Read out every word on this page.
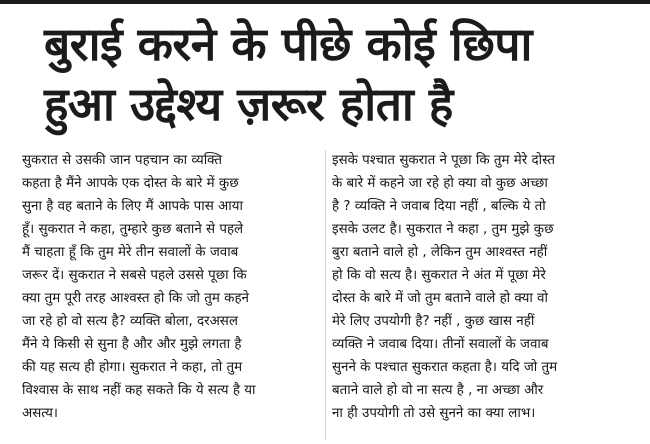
बुराई करने के पीछे कोई छिपा
हुआ उद्देश्य ज़रूर होता है
सुकरात से उसकी जान पहचान का व्यक्ति
कहता है मैंने आपके एक दोस्त के बारे में कुछ
सुना है वह बताने के लिए मैं आपके पास आया
हूँ। सुकरात ने कहा, तुम्हारे कुछ बताने से पहले
मैं चाहता हूँ कि तुम मेरे तीन सवालों के जवाब
जरूर दें। सुकरात ने सबसे पहले उससे पूछा कि
क्या तुम पूरी तरह आश्वस्त हो कि जो तुम कहने
जा रहे हो वो सत्य है? व्यक्ति बोला, दरअसल
मैंने ये किसी से सुना है और और मुझे लगता है
की यह सत्य ही होगा। सुकरात ने कहा, तो तुम
विश्वास के साथ नहीं कह सकते कि ये सत्य है या
असत्य।
इसके पश्चात सुकरात ने पूछा कि तुम मेरे दोस्त
के बारे में कहने जा रहे हो क्या वो कुछ अच्छा
है ? व्यक्ति ने जवाब दिया नहीं , बल्कि ये तो
इसके उलट है। सुकरात ने कहा , तुम मुझे कुछ
बुरा बताने वाले हो , लेकिन तुम आश्वस्त नहीं
हो कि वो सत्य है। सुकरात ने अंत में पूछा मेरे
दोस्त के बारे में जो तुम बताने वाले हो क्या वो
मेरे लिए उपयोगी है? नहीं , कुछ खास नहीं
व्यक्ति ने जवाब दिया। तीनों सवालों के जवाब
सुनने के पश्चात सुकरात कहता है। यदि जो तुम
बताने वाले हो वो ना सत्य है , ना अच्छा और
ना ही उपयोगी तो उसे सुनने का क्या लाभ।
